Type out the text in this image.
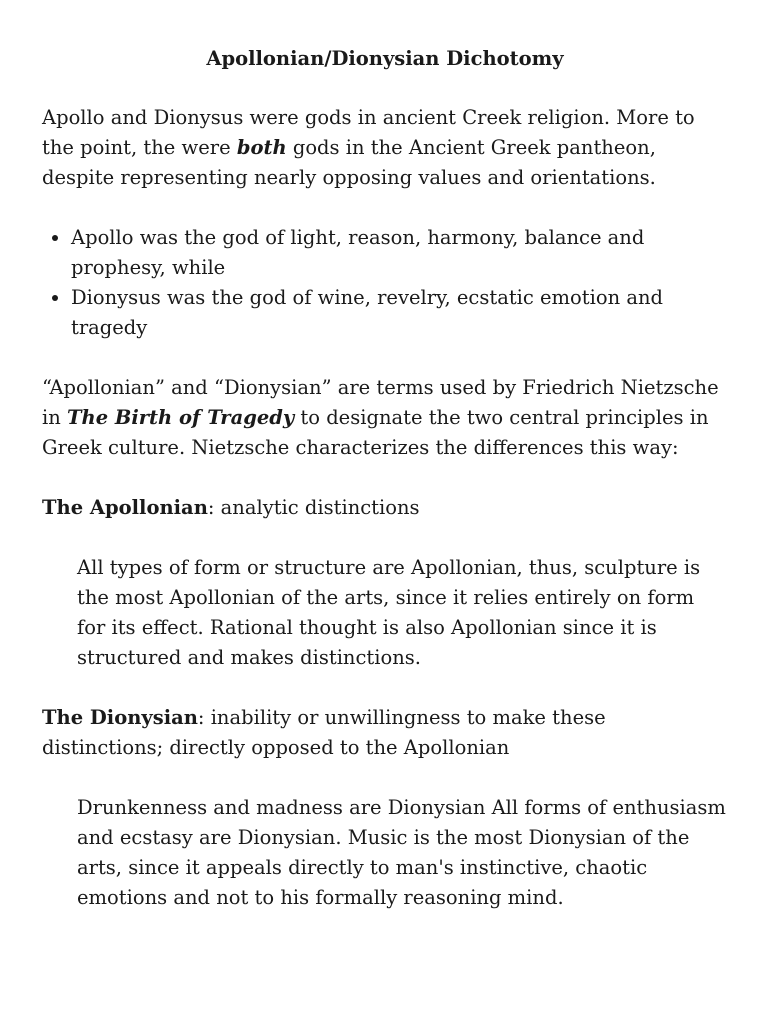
Apollonian/Dionysian Dichotomy

Apollo and Dionysus were gods in ancient Creek religion. More to the point, the were both gods in the Ancient Greek pantheon, despite representing nearly opposing values and orientations.

• Apollo was the god of light, reason, harmony, balance and prophesy, while
• Dionysus was the god of wine, revelry, ecstatic emotion and tragedy

“Apollonian” and “Dionysian” are terms used by Friedrich Nietzsche in The Birth of Tragedy to designate the two central principles in Greek culture. Nietzsche characterizes the differences this way:

The Apollonian: analytic distinctions

All types of form or structure are Apollonian, thus, sculpture is the most Apollonian of the arts, since it relies entirely on form for its effect. Rational thought is also Apollonian since it is structured and makes distinctions.

The Dionysian: inability or unwillingness to make these distinctions; directly opposed to the Apollonian

Drunkenness and madness are Dionysian All forms of enthusiasm and ecstasy are Dionysian. Music is the most Dionysian of the arts, since it appeals directly to man's instinctive, chaotic emotions and not to his formally reasoning mind.
